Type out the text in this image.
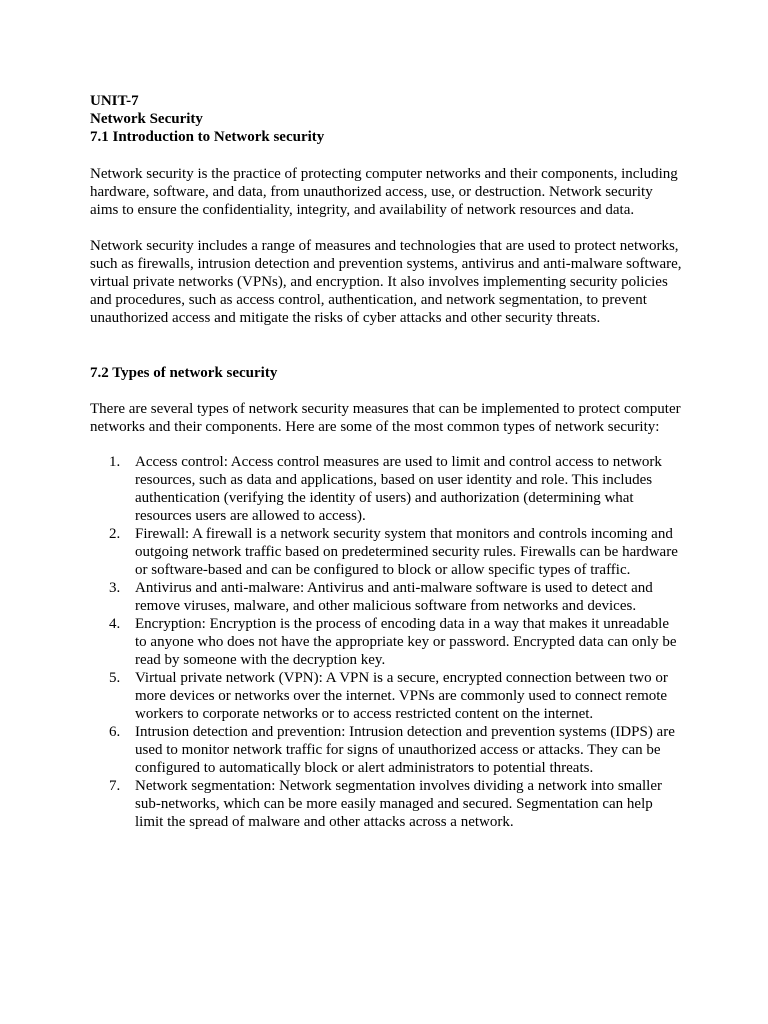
UNIT-7

Network Security

7.1 Introduction to Network security

Network security is the practice of protecting computer networks and their components, including hardware, software, and data, from unauthorized access, use, or destruction. Network security aims to ensure the confidentiality, integrity, and availability of network resources and data.

Network security includes a range of measures and technologies that are used to protect networks, such as firewalls, intrusion detection and prevention systems, antivirus and anti-malware software, virtual private networks (VPNs), and encryption. It also involves implementing security policies and procedures, such as access control, authentication, and network segmentation, to prevent unauthorized access and mitigate the risks of cyber attacks and other security threats.

7.2 Types of network security

There are several types of network security measures that can be implemented to protect computer networks and their components. Here are some of the most common types of network security:

1. Access control: Access control measures are used to limit and control access to network resources, such as data and applications, based on user identity and role. This includes authentication (verifying the identity of users) and authorization (determining what resources users are allowed to access).
2. Firewall: A firewall is a network security system that monitors and controls incoming and outgoing network traffic based on predetermined security rules. Firewalls can be hardware or software-based and can be configured to block or allow specific types of traffic.
3. Antivirus and anti-malware: Antivirus and anti-malware software is used to detect and remove viruses, malware, and other malicious software from networks and devices.
4. Encryption: Encryption is the process of encoding data in a way that makes it unreadable to anyone who does not have the appropriate key or password. Encrypted data can only be read by someone with the decryption key.
5. Virtual private network (VPN): A VPN is a secure, encrypted connection between two or more devices or networks over the internet. VPNs are commonly used to connect remote workers to corporate networks or to access restricted content on the internet.
6. Intrusion detection and prevention: Intrusion detection and prevention systems (IDPS) are used to monitor network traffic for signs of unauthorized access or attacks. They can be configured to automatically block or alert administrators to potential threats.
7. Network segmentation: Network segmentation involves dividing a network into smaller sub-networks, which can be more easily managed and secured. Segmentation can help limit the spread of malware and other attacks across a network.
